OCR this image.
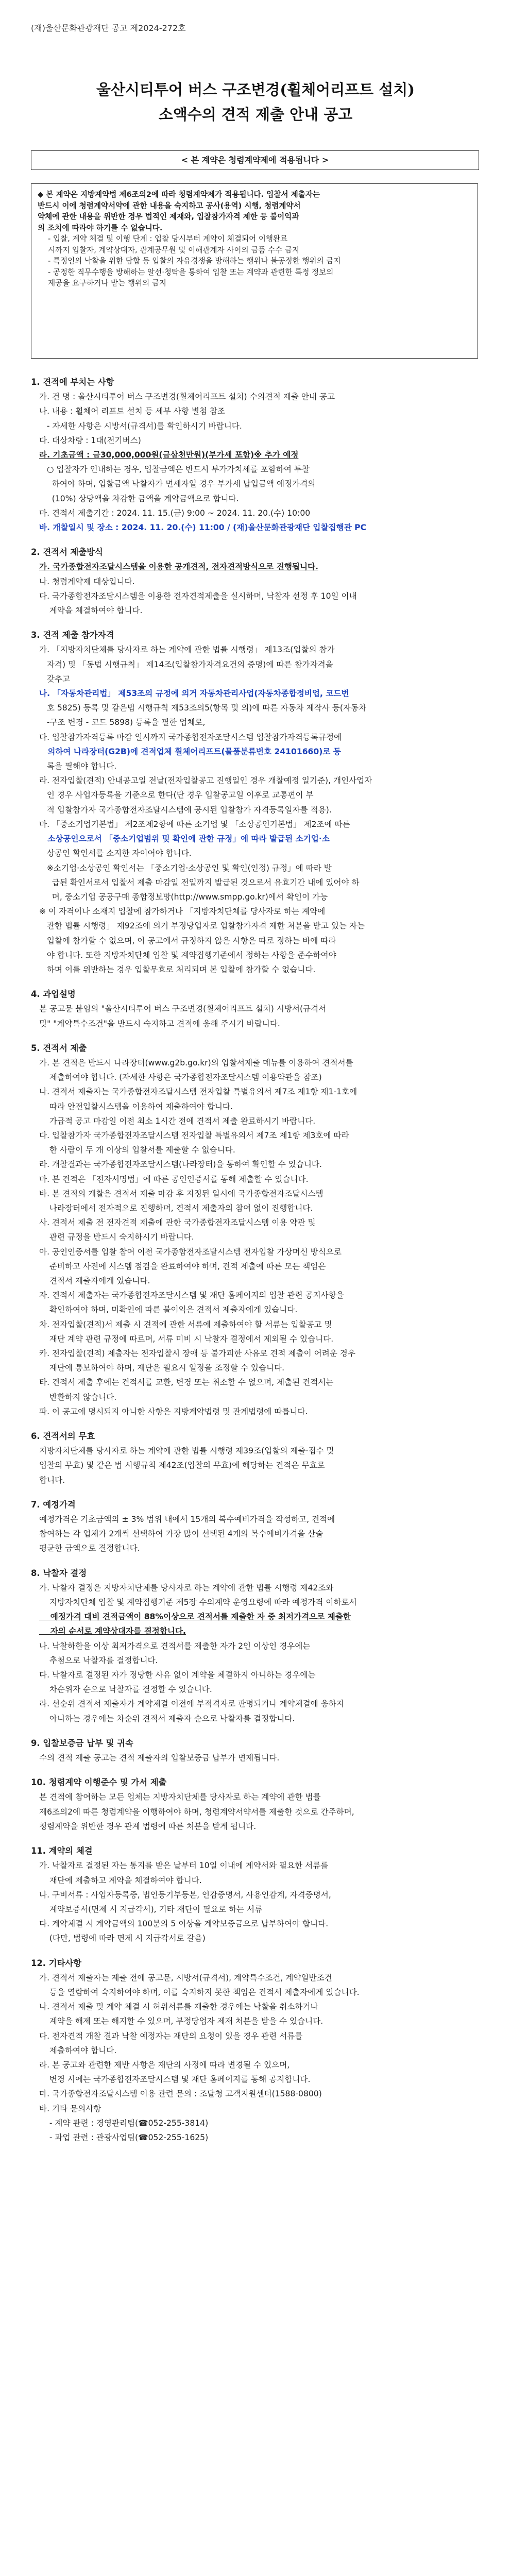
(재)울산문화관광재단 공고 제2024-272호
울산시티투어 버스 구조변경(휠체어리프트 설치)
소액수의 견적 제출 안내 공고
< 본 계약은 청렴계약제에 적용됩니다 >
◆ 본 계약은 지방계약법 제6조의2에 따라 청렴계약제가 적용됩니다. 입찰서 제출자는
반드시 이에 청렴계약서약에 관한 내용을 숙지하고 공사(용역) 시행, 청렴계약서
약체에 관한 내용을 위반한 경우 법적인 제재와, 입찰참가자격 제한 등 불이익과
의 조치에 따라야 하기를 수 없습니다.
- 입찰, 계약 체결 및 이행 단계 : 입찰 당시부터 계약이 체결되어 이행완료
시까지 입찰자, 계약상대자, 관계공무원 및 이해관계자 사이의 금품 수수 금지
- 특정인의 낙찰을 위한 담합 등 입찰의 자유경쟁을 방해하는 행위나 불공정한 행위의 금지
- 공정한 직무수행을 방해하는 알선·청탁을 통하여 입찰 또는 계약과 관련한 특정 정보의
제공을 요구하거나 받는 행위의 금지
1. 견적에 부치는 사항
가. 건 명 : 울산시티투어 버스 구조변경(휠체어리프트 설치) 수의견적 제출 안내 공고
나. 내용 : 휠체어 리프트 설치 등 세부 사항 별첨 참조
- 자세한 사항은 시방서(규격서)를 확인하시기 바랍니다.
다. 대상차량 : 1대(전기버스)
라. 기초금액 : 금30,000,000원(금삼천만원)(부가세 포함)※ 추가 예정
○ 입찰자가 인내하는 경우, 입찰금액은 반드시 부가가치세를 포함하여 투찰
하여야 하며, 입찰금액 낙찰자가 면세자일 경우 부가세 납입금액 예정가격의
(10%) 상당액을 차감한 금액을 계약금액으로 합니다.
마. 견적서 제출기간 : 2024. 11. 15.(금) 9:00 ~ 2024. 11. 20.(수) 10:00
바. 개찰일시 및 장소 : 2024. 11. 20.(수) 11:00 / (재)울산문화관광재단 입찰집행관 PC
2. 견적서 제출방식
가. 국가종합전자조달시스템을 이용한 공개견적, 전자견적방식으로 진행됩니다.
나. 청렴계약제 대상입니다.
다. 국가종합전자조달시스템을 이용한 전자견적제출을 실시하며, 낙찰자 선정 후 10일 이내
계약을 체결하여야 합니다.
3. 견적 제출 참가자격
가. 「지방자치단체를 당사자로 하는 계약에 관한 법률 시행령」 제13조(입찰의 참가
자격) 및 「동법 시행규칙」 제14조(입찰참가자격요건의 증명)에 따른 참가자격을
갖추고
나. 「자동차관리법」 제53조의 규정에 의거 자동차관리사업(자동차종합정비업, 코드번
호 5825) 등록 및 같은법 시행규칙 제53조의5(항목 및 의)에 따른 자동차 제작사 등(자동차
-구조 변경 - 코드 5898) 등록을 필한 업체로,
다. 입찰참가자격등록 마감 일시까지 국가종합전자조달시스템 입찰참가자격등록규정에
의하여 나라장터(G2B)에 견적업체 휠체어리프트(물품분류번호 24101660)로 등
록을 필해야 합니다.
라. 전자입찰(견적) 안내공고일 전날(전자입찰공고 진행일인 경우 개찰예정 일기준), 개인사업자
인 경우 사업자등록을 기준으로 한다(단 경우 입찰공고일 이후로 교통편이 부
적 입찰참가자 국가종합전자조달시스템에 공시된 입찰참가 자격등록일자를 적용).
마. 「중소기업기본법」 제2조제2항에 따른 소기업 및 「소상공인기본법」 제2조에 따른
소상공인으로서 「중소기업범위 및 확인에 관한 규정」에 따라 발급된 소기업·소
상공인 확인서를 소지한 자이어야 합니다.
※소기업·소상공인 확인서는 「중소기업·소상공인 및 확인(인정) 규정」에 따라 발
급된 확인서로서 입찰서 제출 마감일 전일까지 발급된 것으로서 유효기간 내에 있어야 하
며, 중소기업 공공구매 종합정보망(http://www.smpp.go.kr)에서 확인이 가능
※ 이 자격이나 소재지 입찰에 참가하거나 「지방자치단체를 당사자로 하는 계약에
관한 법률 시행령」 제92조에 의거 부정당업자로 입찰참가자격 제한 처분을 받고 있는 자는
입찰에 참가할 수 없으며, 이 공고에서 규정하지 않은 사항은 따로 정하는 바에 따라
야 합니다. 또한 지방자치단체 입찰 및 계약집행기준에서 정하는 사항을 준수하여야
하며 이를 위반하는 경우 입찰무효로 처리되며 본 입찰에 참가할 수 없습니다.
4. 과업설명
본 공고문 붙임의 "울산시티투어 버스 구조변경(휠체어리프트 설치) 시방서(규격서
및" "계약특수조건"을 반드시 숙지하고 견적에 응해 주시기 바랍니다.
5. 견적서 제출
가. 본 견적은 반드시 나라장터(www.g2b.go.kr)의 입찰서제출 메뉴를 이용하여 견적서를
제출하여야 합니다. (자세한 사항은 국가종합전자조달시스템 이용약관을 참조)
나. 견적서 제출자는 국가종합전자조달시스템 전자입찰 특별유의서 제7조 제1항 제1-1호에
따라 안전입찰시스템을 이용하여 제출하여야 합니다.
가급적 공고 마감일 이전 최소 1시간 전에 견적서 제출 완료하시기 바랍니다.
다. 입찰참가자 국가종합전자조달시스템 전자입찰 특별유의서 제7조 제1항 제3호에 따라
한 사람이 두 개 이상의 입찰서를 제출할 수 없습니다.
라. 개찰결과는 국가종합전자조달시스템(나라장터)을 통하여 확인할 수 있습니다.
마. 본 견적은 「전자서명법」에 따른 공인인증서를 통해 제출할 수 있습니다.
바. 본 견적의 개찰은 견적서 제출 마감 후 지정된 일시에 국가종합전자조달시스템
나라장터에서 전자적으로 진행하며, 견적서 제출자의 참여 없이 진행합니다.
사. 견적서 제출 전 전자견적 제출에 관한 국가종합전자조달시스템 이용 약관 및
관련 규정을 반드시 숙지하시기 바랍니다.
아. 공인인증서를 입찰 참여 이전 국가종합전자조달시스템 전자입찰 가상머신 방식으로
준비하고 사전에 시스템 점검을 완료하여야 하며, 견적 제출에 따른 모든 책임은
견적서 제출자에게 있습니다.
자. 견적서 제출자는 국가종합전자조달시스템 및 재단 홈페이지의 입찰 관련 공지사항을
확인하여야 하며, 미확인에 따른 불이익은 견적서 제출자에게 있습니다.
차. 전자입찰(견적)서 제출 시 견적에 관한 서류에 제출하여야 할 서류는 입찰공고 및
재단 계약 관련 규정에 따르며, 서류 미비 시 낙찰자 결정에서 제외될 수 있습니다.
카. 전자입찰(견적) 제출자는 전자입찰시 장애 등 불가피한 사유로 견적 제출이 어려운 경우
재단에 통보하여야 하며, 재단은 필요시 일정을 조정할 수 있습니다.
타. 견적서 제출 후에는 견적서를 교환, 변경 또는 취소할 수 없으며, 제출된 견적서는
반환하지 않습니다.
파. 이 공고에 명시되지 아니한 사항은 지방계약법령 및 관계법령에 따릅니다.
6. 견적서의 무효
지방자치단체를 당사자로 하는 계약에 관한 법률 시행령 제39조(입찰의 제출·접수 및
입찰의 무효) 및 같은 법 시행규칙 제42조(입찰의 무효)에 해당하는 견적은 무효로
합니다.
7. 예정가격
예정가격은 기초금액의 ± 3% 범위 내에서 15개의 복수예비가격을 작성하고, 견적에
참여하는 각 업체가 2개씩 선택하여 가장 많이 선택된 4개의 복수예비가격을 산술
평균한 금액으로 결정합니다.
8. 낙찰자 결정
가. 낙찰자 결정은 지방자치단체를 당사자로 하는 계약에 관한 법률 시행령 제42조와
지방자치단체 입찰 및 계약집행기준 제5장 수의계약 운영요령에 따라 예정가격 이하로서
예정가격 대비 견적금액이 88%이상으로 견적서를 제출한 자 중 최저가격으로 제출한
자의 순서로 계약상대자를 결정합니다.
나. 낙찰하한율 이상 최저가격으로 견적서를 제출한 자가 2인 이상인 경우에는
추첨으로 낙찰자를 결정합니다.
다. 낙찰자로 결정된 자가 정당한 사유 없이 계약을 체결하지 아니하는 경우에는
차순위자 순으로 낙찰자를 결정할 수 있습니다.
라. 선순위 견적서 제출자가 계약체결 이전에 부적격자로 판명되거나 계약체결에 응하지
아니하는 경우에는 차순위 견적서 제출자 순으로 낙찰자를 결정합니다.
9. 입찰보증금 납부 및 귀속
수의 견적 제출 공고는 견적 제출자의 입찰보증금 납부가 면제됩니다.
10. 청렴계약 이행준수 및 가서 제출
본 견적에 참여하는 모든 업체는 지방자치단체를 당사자로 하는 계약에 관한 법률
제6조의2에 따른 청렴계약을 이행하여야 하며, 청렴계약서약서를 제출한 것으로 간주하며,
청렴계약을 위반한 경우 관계 법령에 따른 처분을 받게 됩니다.
11. 계약의 체결
가. 낙찰자로 결정된 자는 통지를 받은 날부터 10일 이내에 계약서와 필요한 서류를
재단에 제출하고 계약을 체결하여야 합니다.
나. 구비서류 : 사업자등록증, 법인등기부등본, 인감증명서, 사용인감계, 자격증명서,
계약보증서(면제 시 지급각서), 기타 재단이 필요로 하는 서류
다. 계약체결 시 계약금액의 100분의 5 이상을 계약보증금으로 납부하여야 합니다.
(다만, 법령에 따라 면제 시 지급각서로 갈음)
12. 기타사항
가. 견적서 제출자는 제출 전에 공고문, 시방서(규격서), 계약특수조건, 계약일반조건
등을 열람하여 숙지하여야 하며, 이를 숙지하지 못한 책임은 견적서 제출자에게 있습니다.
나. 견적서 제출 및 계약 체결 시 허위서류를 제출한 경우에는 낙찰을 취소하거나
계약을 해제 또는 해지할 수 있으며, 부정당업자 제재 처분을 받을 수 있습니다.
다. 전자견적 개찰 결과 낙찰 예정자는 재단의 요청이 있을 경우 관련 서류를
제출하여야 합니다.
라. 본 공고와 관련한 제반 사항은 재단의 사정에 따라 변경될 수 있으며,
변경 시에는 국가종합전자조달시스템 및 재단 홈페이지를 통해 공지합니다.
마. 국가종합전자조달시스템 이용 관련 문의 : 조달청 고객지원센터(1588-0800)
바. 기타 문의사항
- 계약 관련 : 경영관리팀(☎052-255-3814)
- 과업 관련 : 관광사업팀(☎052-255-1625)
